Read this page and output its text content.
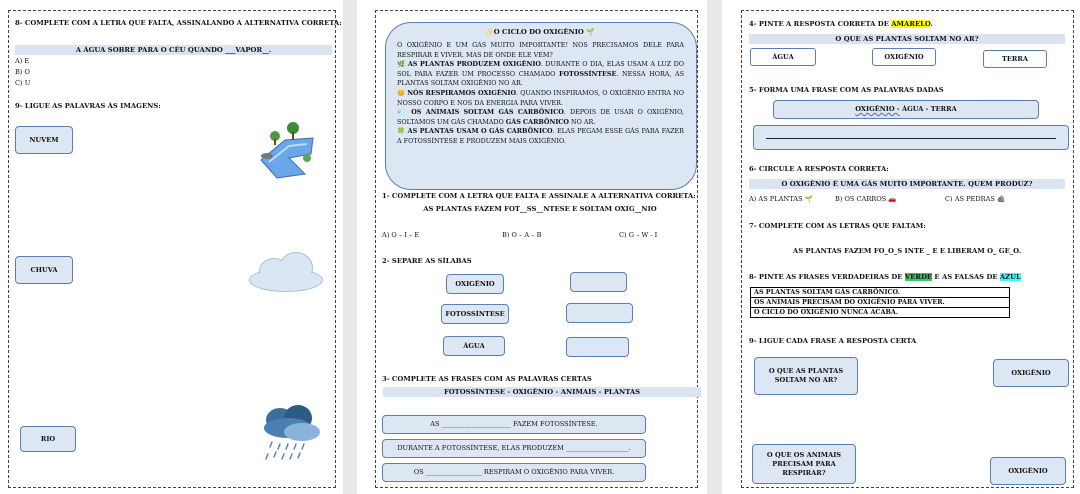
8- COMPLETE COM A LETRA QUE FALTA, ASSINALANDO A ALTERNATIVA CORRETA:
A ÁGUA SOBRE PARA O CÉU QUANDO ___VAPOR__.
A) E
B) O
C) U
9- LIGUE AS PALAVRAS ÀS IMAGENS:
NUVEM
CHUVA
RIO
✨O CICLO DO OXIGÊNIO 🌱
O OXIGÊNIO E UM GAS MUITO IMPORTANTE! NOS PRECISAMOS DELE PARA RESPIRAR E VIVER. MAS DE ONDE ELE VEM?
🌿 AS PLANTAS PRODUZEM OXIGÊNIO. DURANTE O DIA, ELAS USAM A LUZ DO SOL PARA FAZER UM PROCESSO CHAMADO FOTOSSÍNTESE. NESSA HORA, AS PLANTAS SOLTAM OXIGÊNIO NO AR.
😊 NÓS RESPIRAMOS OXIGÊNIO. QUANDO INSPIRAMOS, O OXIGÊNIO ENTRA NO NOSSO CORPO E NOS DA ENERGIA PARA VIVER.
💨 OS ANIMAIS SOLTAM GÁS CARBÔNICO. DEPOIS DE USAR O OXIGÊNIO, SOLTAMOS UM GÁS CHAMADO GÁS CARBÔNICO NO AR.
🍀 AS PLANTAS USAM O GÁS CARBÔNICO. ELAS PEGAM ESSE GÁS PARA FAZER A FOTOSSÍNTESE E PRODUZEM MAIS OXIGÊNIO.
1- COMPLETE COM A LETRA QUE FALTA E ASSINALE A ALTERNATIVA CORRETA:
AS PLANTAS FAZEM FOT__SS__NTESE E SOLTAM OXIG__NIO
A) O – I – E	B) O – A – B	C) G – W - I
2- SEPARE AS SÍLABAS
OXIGÊNIO
FOTOSSÍNTESE
ÁGUA
3- COMPLETE AS FRASES COM AS PALAVRAS CERTAS
FOTOSSÍNTESE - OXIGÊNIO - ANIMAIS - PLANTAS
AS _____________________ FAZEM FOTOSSÍNTESE.
DURANTE A FOTOSSÍNTESE, ELAS PRODUZEM ___________________.
OS _________________ RESPIRAM O OXIGÊNIO PARA VIVER.
4- PINTE A RESPOSTA CORRETA DE AMARELO.
O QUE AS PLANTAS SOLTAM NO AR?
ÁGUA	OXIGÊNIO	TERRA
5- FORMA UMA FRASE COM AS PALAVRAS DADAS
OXIGÊNIO -
ÁGUA - TERRA
6- CIRCULE A RESPOSTA CORRETA:
O OXIGÊNIO É UMA GÁS MUITO IMPORTANTE. QUEM PRODUZ?
A) AS PLANTAS 🌱	B) OS CARROS 🚗	C) AS PEDRAS 🪨
7- COMPLETE COM AS LETRAS QUE FALTAM:
AS PLANTAS FAZEM FO_O_S INTE _ E E LIBERAM O_ GE_O.
8- PINTE AS FRASES VERDADEIRAS DE VERDE E AS FALSAS DE AZUL
AS PLANTAS SOLTAM GÁS CARBÔNICO.
OS ANIMAIS PRECISAM DO OXIGÊNIO PARA VIVER.
O CICLO DO OXIGÊNIO NUNCA ACABA.
9- LIGUE CADA FRASE A RESPOSTA CERTA
O QUE AS PLANTAS SOLTAM NO AR?
OXIGÊNIO
O QUE OS ANIMAIS PRECISAM PARA RESPIRAR?	OXIGÊNIO
